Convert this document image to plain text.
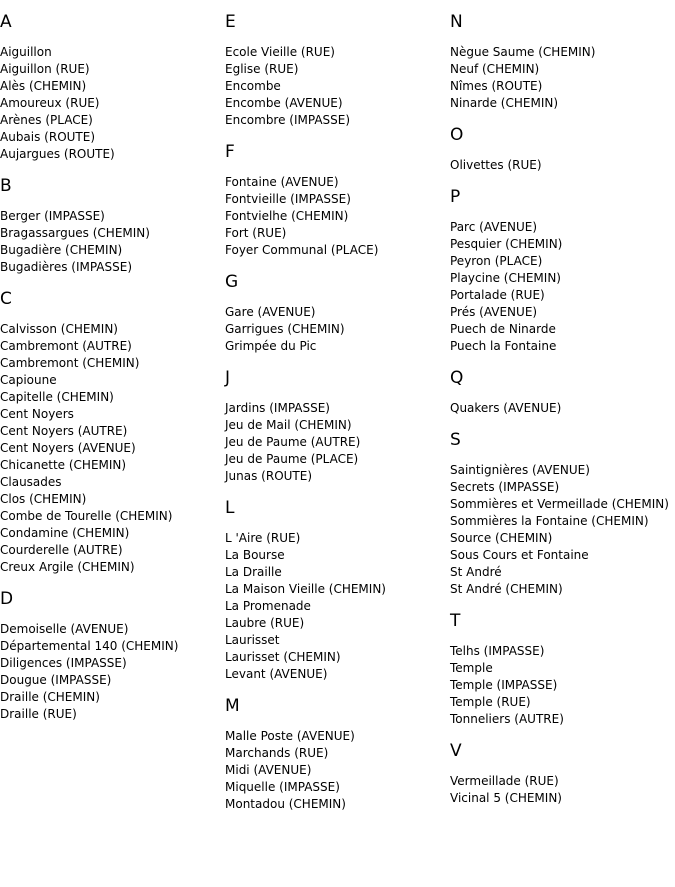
A
Aiguillon
Aiguillon (RUE)
Alès (CHEMIN)
Amoureux (RUE)
Arènes (PLACE)
Aubais (ROUTE)
Aujargues (ROUTE)
B
Berger (IMPASSE)
Bragassargues (CHEMIN)
Bugadière (CHEMIN)
Bugadières (IMPASSE)
C
Calvisson (CHEMIN)
Cambremont (AUTRE)
Cambremont (CHEMIN)
Capioune
Capitelle (CHEMIN)
Cent Noyers
Cent Noyers (AUTRE)
Cent Noyers (AVENUE)
Chicanette (CHEMIN)
Clausades
Clos (CHEMIN)
Combe de Tourelle (CHEMIN)
Condamine (CHEMIN)
Courderelle (AUTRE)
Creux Argile (CHEMIN)
D
Demoiselle (AVENUE)
Départemental 140 (CHEMIN)
Diligences (IMPASSE)
Dougue (IMPASSE)
Draille (CHEMIN)
Draille (RUE)
E
Ecole Vieille (RUE)
Eglise (RUE)
Encombe
Encombe (AVENUE)
Encombre (IMPASSE)
F
Fontaine (AVENUE)
Fontvieille (IMPASSE)
Fontvielhe (CHEMIN)
Fort (RUE)
Foyer Communal (PLACE)
G
Gare (AVENUE)
Garrigues (CHEMIN)
Grimpée du Pic
J
Jardins (IMPASSE)
Jeu de Mail (CHEMIN)
Jeu de Paume (AUTRE)
Jeu de Paume (PLACE)
Junas (ROUTE)
L
L 'Aire (RUE)
La Bourse
La Draille
La Maison Vieille (CHEMIN)
La Promenade
Laubre (RUE)
Laurisset
Laurisset (CHEMIN)
Levant (AVENUE)
M
Malle Poste (AVENUE)
Marchands (RUE)
Midi (AVENUE)
Miquelle (IMPASSE)
Montadou (CHEMIN)
N
Nègue Saume (CHEMIN)
Neuf (CHEMIN)
Nîmes (ROUTE)
Ninarde (CHEMIN)
O
Olivettes (RUE)
P
Parc (AVENUE)
Pesquier (CHEMIN)
Peyron (PLACE)
Playcine (CHEMIN)
Portalade (RUE)
Prés (AVENUE)
Puech de Ninarde
Puech la Fontaine
Q
Quakers (AVENUE)
S
Saintignières (AVENUE)
Secrets (IMPASSE)
Sommières et Vermeillade (CHEMIN)
Sommières la Fontaine (CHEMIN)
Source (CHEMIN)
Sous Cours et Fontaine
St André
St André (CHEMIN)
T
Telhs (IMPASSE)
Temple
Temple (IMPASSE)
Temple (RUE)
Tonneliers (AUTRE)
V
Vermeillade (RUE)
Vicinal 5 (CHEMIN)
